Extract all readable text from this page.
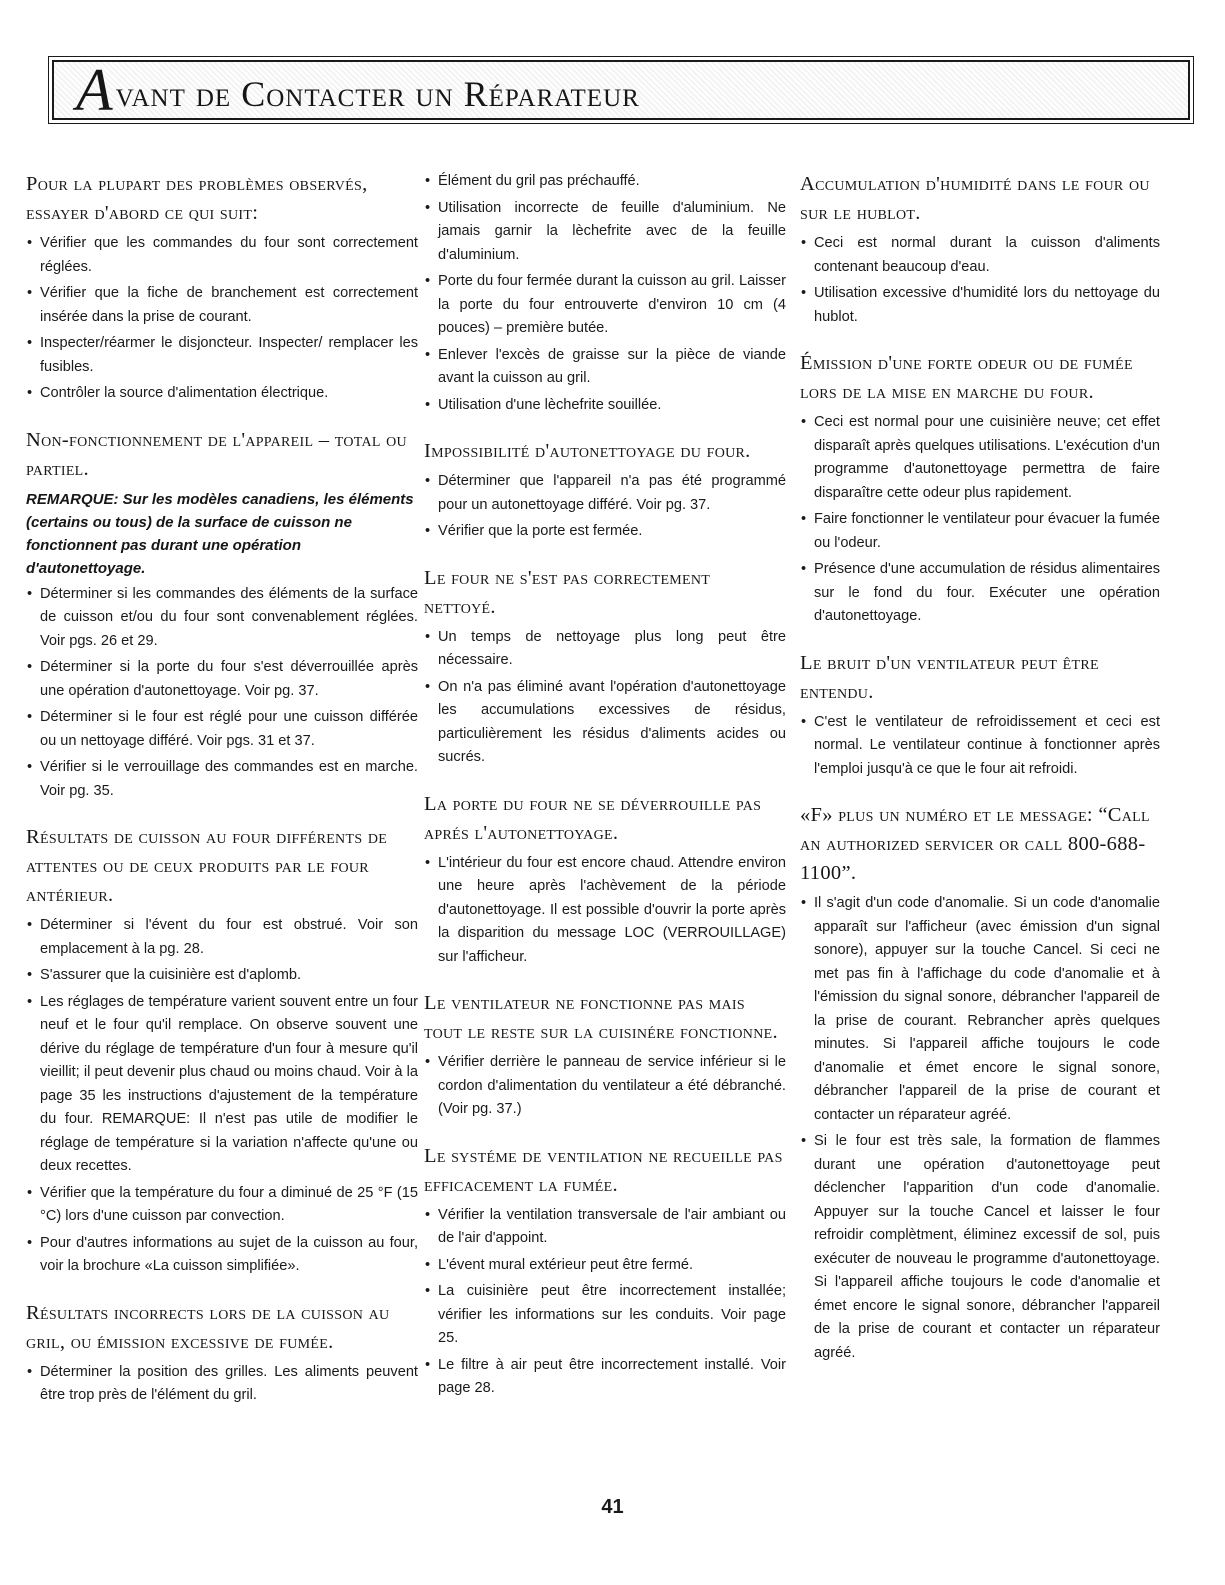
Avant de Contacter un Réparateur
Pour la plupart des problèmes observés, essayer d'abord ce qui suit:
• Vérifier que les commandes du four sont correctement réglées.
• Vérifier que la fiche de branchement est correctement insérée dans la prise de courant.
• Inspecter/réarmer le disjoncteur. Inspecter/ remplacer les fusibles.
• Contrôler la source d'alimentation électrique.
Non-fonctionnement de l'appareil – total ou partiel.
REMARQUE: Sur les modèles canadiens, les éléments (certains ou tous) de la surface de cuisson ne fonctionnent pas durant une opération d'autonettoyage.
• Déterminer si les commandes des éléments de la surface de cuisson et/ou du four sont convenablement réglées. Voir pgs. 26 et 29.
• Déterminer si la porte du four s'est déverrouillée après une opération d'autonettoyage. Voir pg. 37.
• Déterminer si le four est réglé pour une cuisson différée ou un nettoyage différé. Voir pgs. 31 et 37.
• Vérifier si le verrouillage des commandes est en marche. Voir pg. 35.
Résultats de cuisson au four différents de attentes ou de ceux produits par le four antérieur.
• Déterminer si l'évent du four est obstrué. Voir son emplacement à la pg. 28.
• S'assurer que la cuisinière est d'aplomb.
• Les réglages de température varient souvent entre un four neuf et le four qu'il remplace. On observe souvent une dérive du réglage de température d'un four à mesure qu'il vieillit; il peut devenir plus chaud ou moins chaud. Voir à la page 35 les instructions d'ajustement de la température du four. REMARQUE: Il n'est pas utile de modifier le réglage de température si la variation n'affecte qu'une ou deux recettes.
• Vérifier que la température du four a diminué de 25 °F (15 °C) lors d'une cuisson par convection.
• Pour d'autres informations au sujet de la cuisson au four, voir la brochure «La cuisson simplifiée».
Résultats incorrects lors de la cuisson au gril, ou émission excessive de fumée.
• Déterminer la position des grilles. Les aliments peuvent être trop près de l'élément du gril.
• Élément du gril pas préchauffé.
• Utilisation incorrecte de feuille d'aluminium. Ne jamais garnir la lèchefrite avec de la feuille d'aluminium.
• Porte du four fermée durant la cuisson au gril. Laisser la porte du four entrouverte d'environ 10 cm (4 pouces) – première butée.
• Enlever l'excès de graisse sur la pièce de viande avant la cuisson au gril.
• Utilisation d'une lèchefrite souillée.
Impossibilité d'autonettoyage du four.
• Déterminer que l'appareil n'a pas été programmé pour un autonettoyage différé. Voir pg. 37.
• Vérifier que la porte est fermée.
Le four ne s'est pas correctement nettoyé.
• Un temps de nettoyage plus long peut être nécessaire.
• On n'a pas éliminé avant l'opération d'autonettoyage les accumulations excessives de résidus, particulièrement les résidus d'aliments acides ou sucrés.
La porte du four ne se déverrouille pas aprés l'autonettoyage.
• L'intérieur du four est encore chaud. Attendre environ une heure après l'achèvement de la période d'autonettoyage. Il est possible d'ouvrir la porte après la disparition du message LOC (VERROUILLAGE) sur l'afficheur.
Le ventilateur ne fonctionne pas mais tout le reste sur la cuisinére fonctionne.
• Vérifier derrière le panneau de service inférieur si le cordon d'alimentation du ventilateur a été débranché. (Voir pg. 37.)
Le systéme de ventilation ne recueille pas efficacement la fumée.
• Vérifier la ventilation transversale de l'air ambiant ou de l'air d'appoint.
• L'évent mural extérieur peut être fermé.
• La cuisinière peut être incorrectement installée; vérifier les informations sur les conduits. Voir page 25.
• Le filtre à air peut être incorrectement installé. Voir page 28.
Accumulation d'humidité dans le four ou sur le hublot.
• Ceci est normal durant la cuisson d'aliments contenant beaucoup d'eau.
• Utilisation excessive d'humidité lors du nettoyage du hublot.
Émission d'une forte odeur ou de fumée lors de la mise en marche du four.
• Ceci est normal pour une cuisinière neuve; cet effet disparaît après quelques utilisations. L'exécution d'un programme d'autonettoyage permettra de faire disparaître cette odeur plus rapidement.
• Faire fonctionner le ventilateur pour évacuer la fumée ou l'odeur.
• Présence d'une accumulation de résidus alimentaires sur le fond du four. Exécuter une opération d'autonettoyage.
Le bruit d'un ventilateur peut être entendu.
• C'est le ventilateur de refroidissement et ceci est normal. Le ventilateur continue à fonctionner après l'emploi jusqu'à ce que le four ait refroidi.
«F» plus un numéro et le message: “Call an authorized servicer or call 800-688-1100”.
• Il s'agit d'un code d'anomalie. Si un code d'anomalie apparaît sur l'afficheur (avec émission d'un signal sonore), appuyer sur la touche Cancel. Si ceci ne met pas fin à l'affichage du code d'anomalie et à l'émission du signal sonore, débrancher l'appareil de la prise de courant. Rebrancher après quelques minutes. Si l'appareil affiche toujours le code d'anomalie et émet encore le signal sonore, débrancher l'appareil de la prise de courant et contacter un réparateur agréé.
• Si le four est très sale, la formation de flammes durant une opération d'autonettoyage peut déclencher l'apparition d'un code d'anomalie. Appuyer sur la touche Cancel et laisser le four refroidir complètment, éliminez excessif de sol, puis exécuter de nouveau le programme d'autonettoyage. Si l'appareil affiche toujours le code d'anomalie et émet encore le signal sonore, débrancher l'appareil de la prise de courant et contacter un réparateur agréé.
41
